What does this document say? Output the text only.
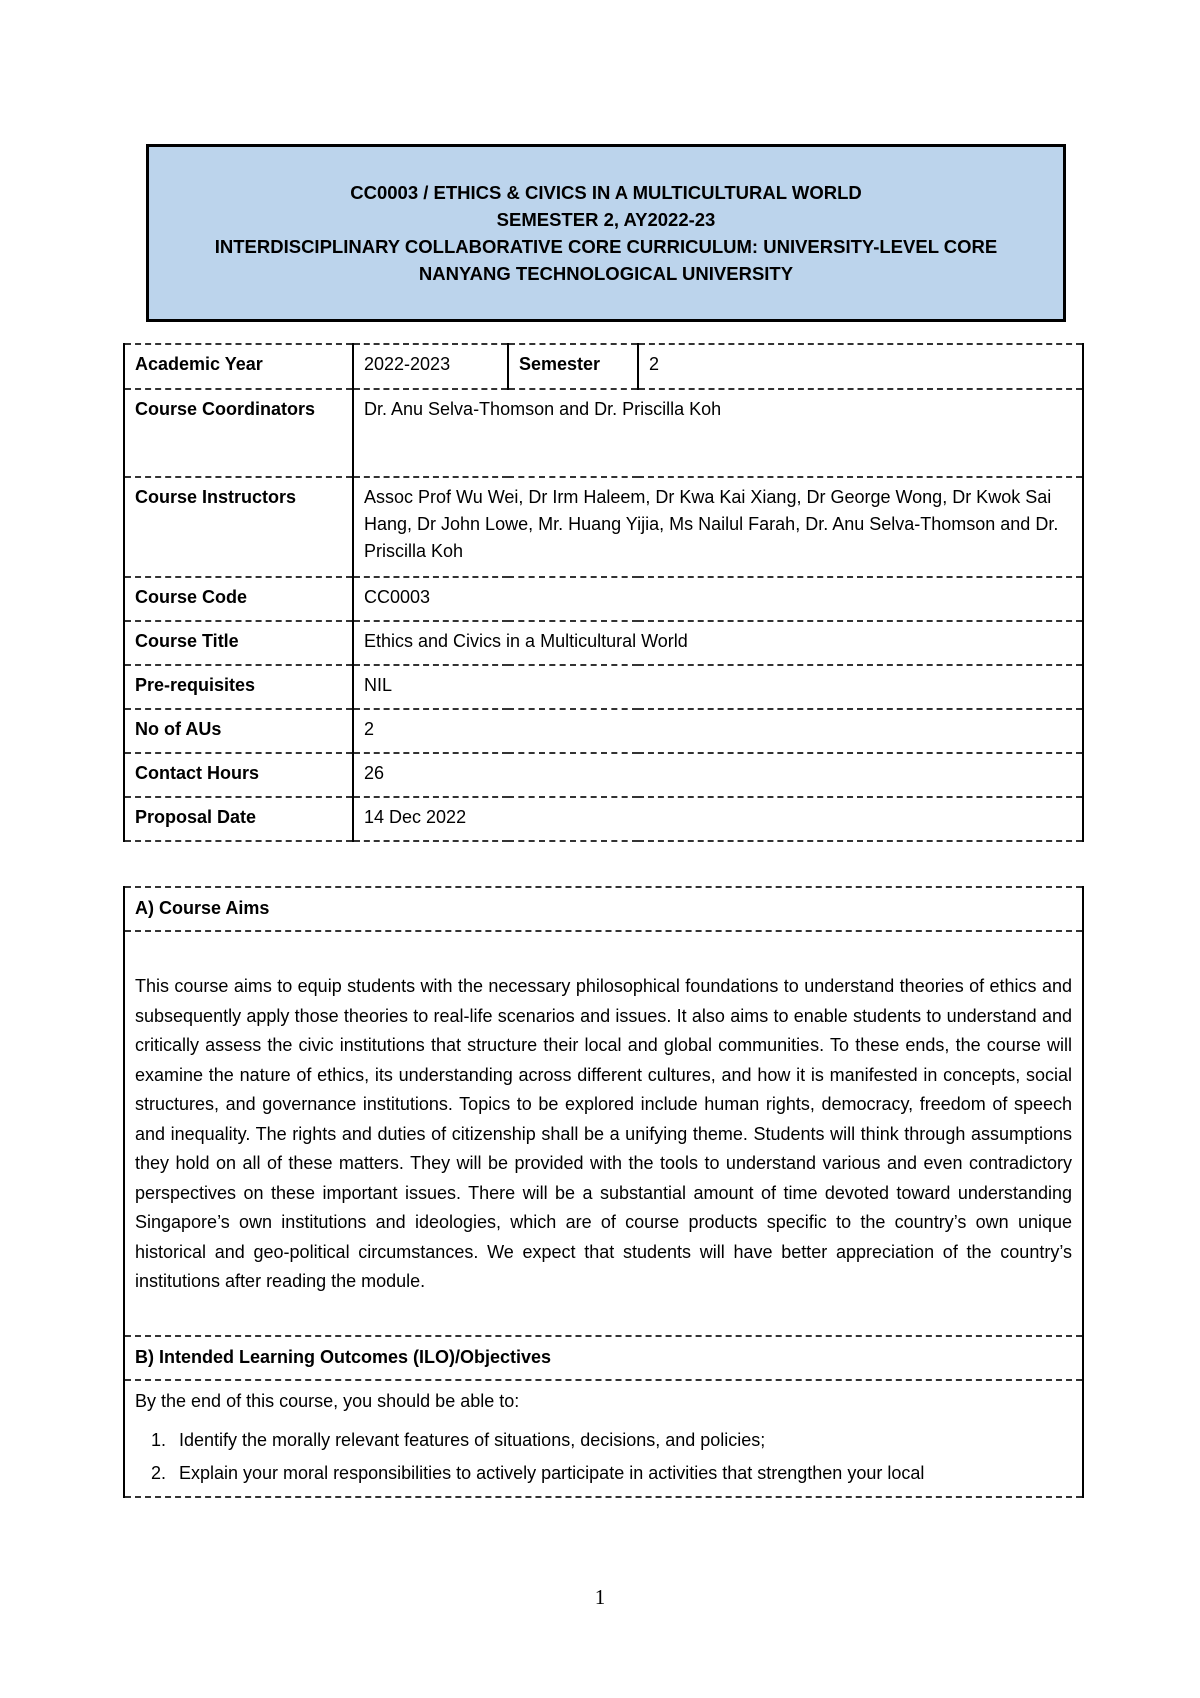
CC0003 / ETHICS & CIVICS IN A MULTICULTURAL WORLD
SEMESTER 2, AY2022-23
INTERDISCIPLINARY COLLABORATIVE CORE CURRICULUM: UNIVERSITY-LEVEL CORE
NANYANG TECHNOLOGICAL UNIVERSITY
Academic Year	2022-2023	Semester	2
Course Coordinators	Dr. Anu Selva-Thomson and Dr. Priscilla Koh		
Course Instructors	Assoc Prof Wu Wei, Dr Irm Haleem, Dr Kwa Kai Xiang, Dr George Wong, Dr Kwok Sai Hang, Dr John Lowe, Mr. Huang Yijia, Ms Nailul Farah, Dr. Anu Selva-Thomson and Dr. Priscilla Koh		
Course Code	CC0003		
Course Title	Ethics and Civics in a Multicultural World		
Pre-requisites	NIL		
No of AUs	2		
Contact Hours	26		
Proposal Date	14 Dec 2022		
A) Course Aims
This course aims to equip students with the necessary philosophical foundations to understand theories of ethics and subsequently apply those theories to real-life scenarios and issues. It also aims to enable students to understand and critically assess the civic institutions that structure their local and global communities. To these ends, the course will examine the nature of ethics, its understanding across different cultures, and how it is manifested in concepts, social structures, and governance institutions. Topics to be explored include human rights, democracy, freedom of speech and inequality. The rights and duties of citizenship shall be a unifying theme. Students will think through assumptions they hold on all of these matters. They will be provided with the tools to understand various and even contradictory perspectives on these important issues. There will be a substantial amount of time devoted toward understanding Singapore’s own institutions and ideologies, which are of course products specific to the country’s own unique historical and geo-political circumstances. We expect that students will have better appreciation of the country’s institutions after reading the module.
B) Intended Learning Outcomes (ILO)/Objectives

By the end of this course, you should be able to:
1. Identify the morally relevant features of situations, decisions, and policies;
2. Explain your moral responsibilities to actively participate in activities that strengthen your local
1
